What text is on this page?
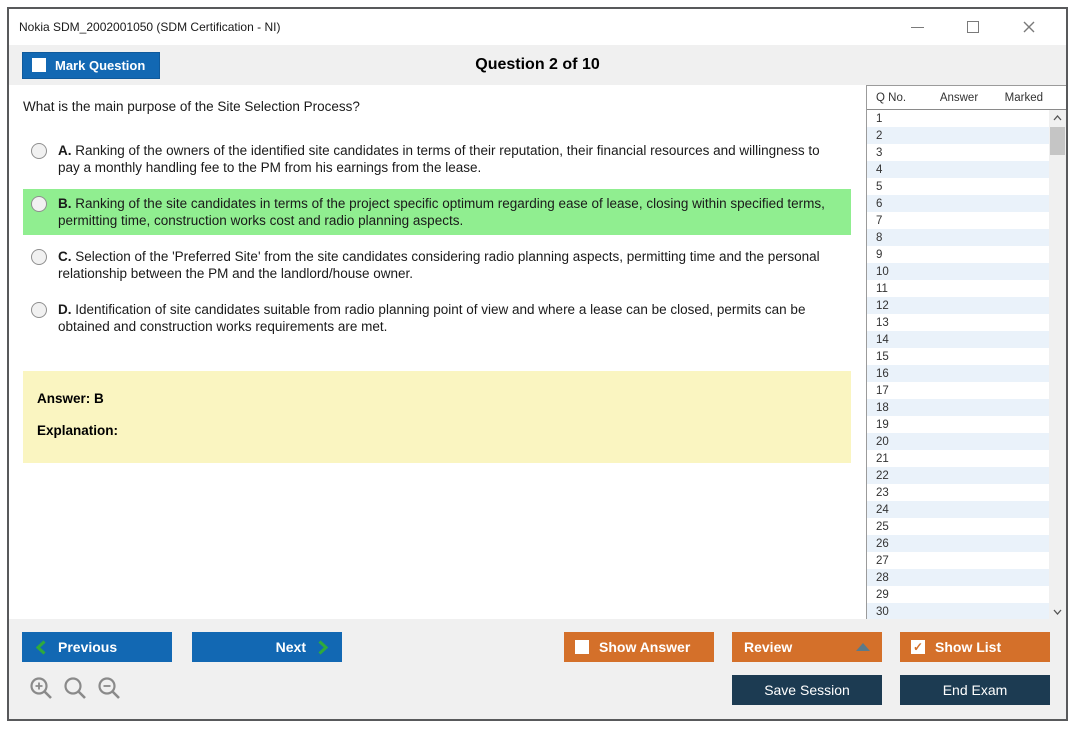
Nokia SDM_2002001050 (SDM Certification - NI)
Mark Question	Question 2 of 10
What is the main purpose of the Site Selection Process?
A. Ranking of the owners of the identified site candidates in terms of their reputation, their financial resources and willingness to pay a monthly handling fee to the PM from his earnings from the lease.
B. Ranking of the site candidates in terms of the project specific optimum regarding ease of lease, closing within specified terms, permitting time, construction works cost and radio planning aspects.
C. Selection of the 'Preferred Site' from the site candidates considering radio planning aspects, permitting time and the personal relationship between the PM and the landlord/house owner.
D. Identification of site candidates suitable from radio planning point of view and where a lease can be closed, permits can be obtained and construction works requirements are met.
Answer: B
Explanation:
Q No.	Answer	Marked
1
2
3
4
5
6
7
8
9
10
11
12
13
14
15
16
17
18
19
20
21
22
23
24
25
26
27
28
29
30
Previous	Next	Show Answer	Review	✓ Show List
Save Session	End Exam
